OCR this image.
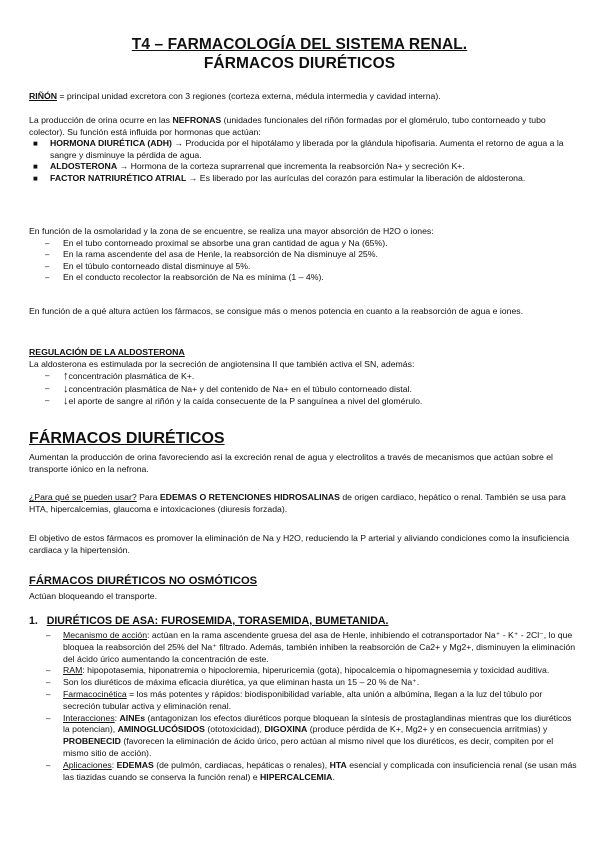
T4 – FARMACOLOGÍA DEL SISTEMA RENAL.
FÁRMACOS DIURÉTICOS
RIÑÓN = principal unidad excretora con 3 regiones (corteza externa, médula intermedia y cavidad interna).
La producción de orina ocurre en las NEFRONAS (unidades funcionales del riñón formadas por el glomérulo, tubo contorneado y tubo colector). Su función está influida por hormonas que actúan:
■ HORMONA DIURÉTICA (ADH) → Producida por el hipotálamo y liberada por la glándula hipofisaria. Aumenta el retorno de agua a la sangre y disminuye la pérdida de agua.
■ ALDOSTERONA → Hormona de la corteza suprarrenal que incrementa la reabsorción Na+ y secreción K+.
■ FACTOR NATRIURÉTICO ATRIAL → Es liberado por las aurículas del corazón para estimular la liberación de aldosterona.
En función de la osmolaridad y la zona de se encuentre, se realiza una mayor absorción de H2O o iones:
– En el tubo contorneado proximal se absorbe una gran cantidad de agua y Na (65%).
– En la rama ascendente del asa de Henle, la reabsorción de Na disminuye al 25%.
– En el túbulo contorneado distal disminuye al 5%.
– En el conducto recolector la reabsorción de Na es mínima (1 – 4%).
En función de a qué altura actúen los fármacos, se consigue más o menos potencia en cuanto a la reabsorción de agua e iones.
REGULACIÓN DE LA ALDOSTERONA
La aldosterona es estimulada por la secreción de angiotensina II que también activa el SN, además:
– ↑concentración plasmática de K+.
– ↓concentración plasmática de Na+ y del contenido de Na+ en el túbulo contorneado distal.
– ↓el aporte de sangre al riñón y la caída consecuente de la P sanguínea a nivel del glomérulo.
FÁRMACOS DIURÉTICOS
Aumentan la producción de orina favoreciendo así la excreción renal de agua y electrolitos a través de mecanismos que actúan sobre el transporte iónico en la nefrona.
¿Para qué se pueden usar? Para EDEMAS O RETENCIONES HIDROSALINAS de origen cardiaco, hepático o renal. También se usa para HTA, hipercalcemias, glaucoma e intoxicaciones (diuresis forzada).
El objetivo de estos fármacos es promover la eliminación de Na y H2O, reduciendo la P arterial y aliviando condiciones como la insuficiencia cardiaca y la hipertensión.
FÁRMACOS DIURÉTICOS NO OSMÓTICOS
Actúan bloqueando el transporte.
1. DIURÉTICOS DE ASA: FUROSEMIDA, TORASEMIDA, BUMETANIDA.
– Mecanismo de acción: actúan en la rama ascendente gruesa del asa de Henle, inhibiendo el cotransportador Na⁺ - K⁺ - 2Cl⁻, lo que bloquea la reabsorción del 25% del Na⁺ filtrado. Además, también inhiben la reabsorción de Ca2+ y Mg2+, disminuyen la eliminación del ácido úrico aumentando la concentración de este.
– RAM: hipopotasemia, hiponatremia o hipocloremia, hiperuricemia (gota), hipocalcemia o hipomagnesemia y toxicidad auditiva.
– Son los diuréticos de máxima eficacia diurética, ya que eliminan hasta un 15 – 20 % de Na⁺.
– Farmacocinética = los más potentes y rápidos: biodisponibilidad variable, alta unión a albúmina, llegan a la luz del túbulo por secreción tubular activa y eliminación renal.
– Interacciones: AINEs (antagonizan los efectos diuréticos porque bloquean la síntesis de prostaglandinas mientras que los diuréticos la potencian), AMINOGLUCÓSIDOS (ototoxicidad), DIGOXINA (produce pérdida de K+, Mg2+ y en consecuencia arritmias) y PROBENECID (favorecen la eliminación de ácido úrico, pero actúan al mismo nivel que los diuréticos, es decir, compiten por el mismo sitio de acción).
– Aplicaciones: EDEMAS (de pulmón, cardiacas, hepáticas o renales), HTA esencial y complicada con insuficiencia renal (se usan más las tiazidas cuando se conserva la función renal) e HIPERCALCEMIA.
